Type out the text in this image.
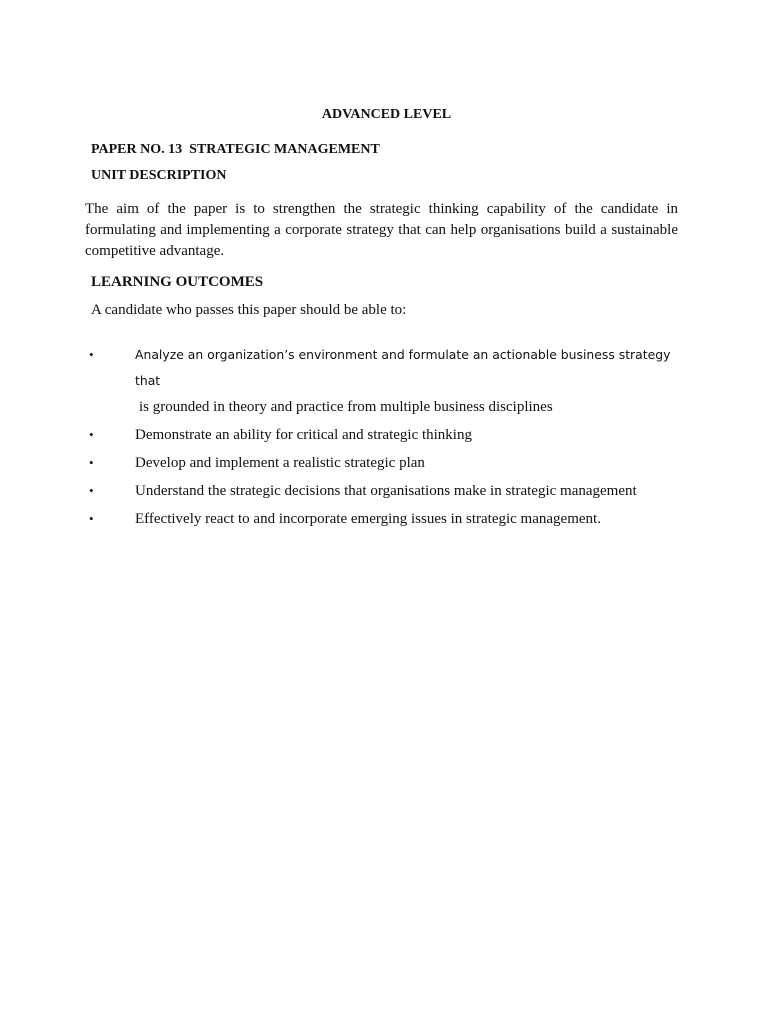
ADVANCED LEVEL
PAPER NO. 13  STRATEGIC MANAGEMENT
UNIT DESCRIPTION
The aim of the paper is to strengthen the strategic thinking capability of the candidate in formulating and implementing a corporate strategy that can help organisations build a sustainable competitive advantage.
LEARNING OUTCOMES
A candidate who passes this paper should be able to:
•	Analyze an organization’s environment and formulate an actionable business strategy that
is grounded in theory and practice from multiple business disciplines
•	Demonstrate an ability for critical and strategic thinking
•	Develop and implement a realistic strategic plan
•	Understand the strategic decisions that organisations make in strategic management
•	Effectively react to and incorporate emerging issues in strategic management.
